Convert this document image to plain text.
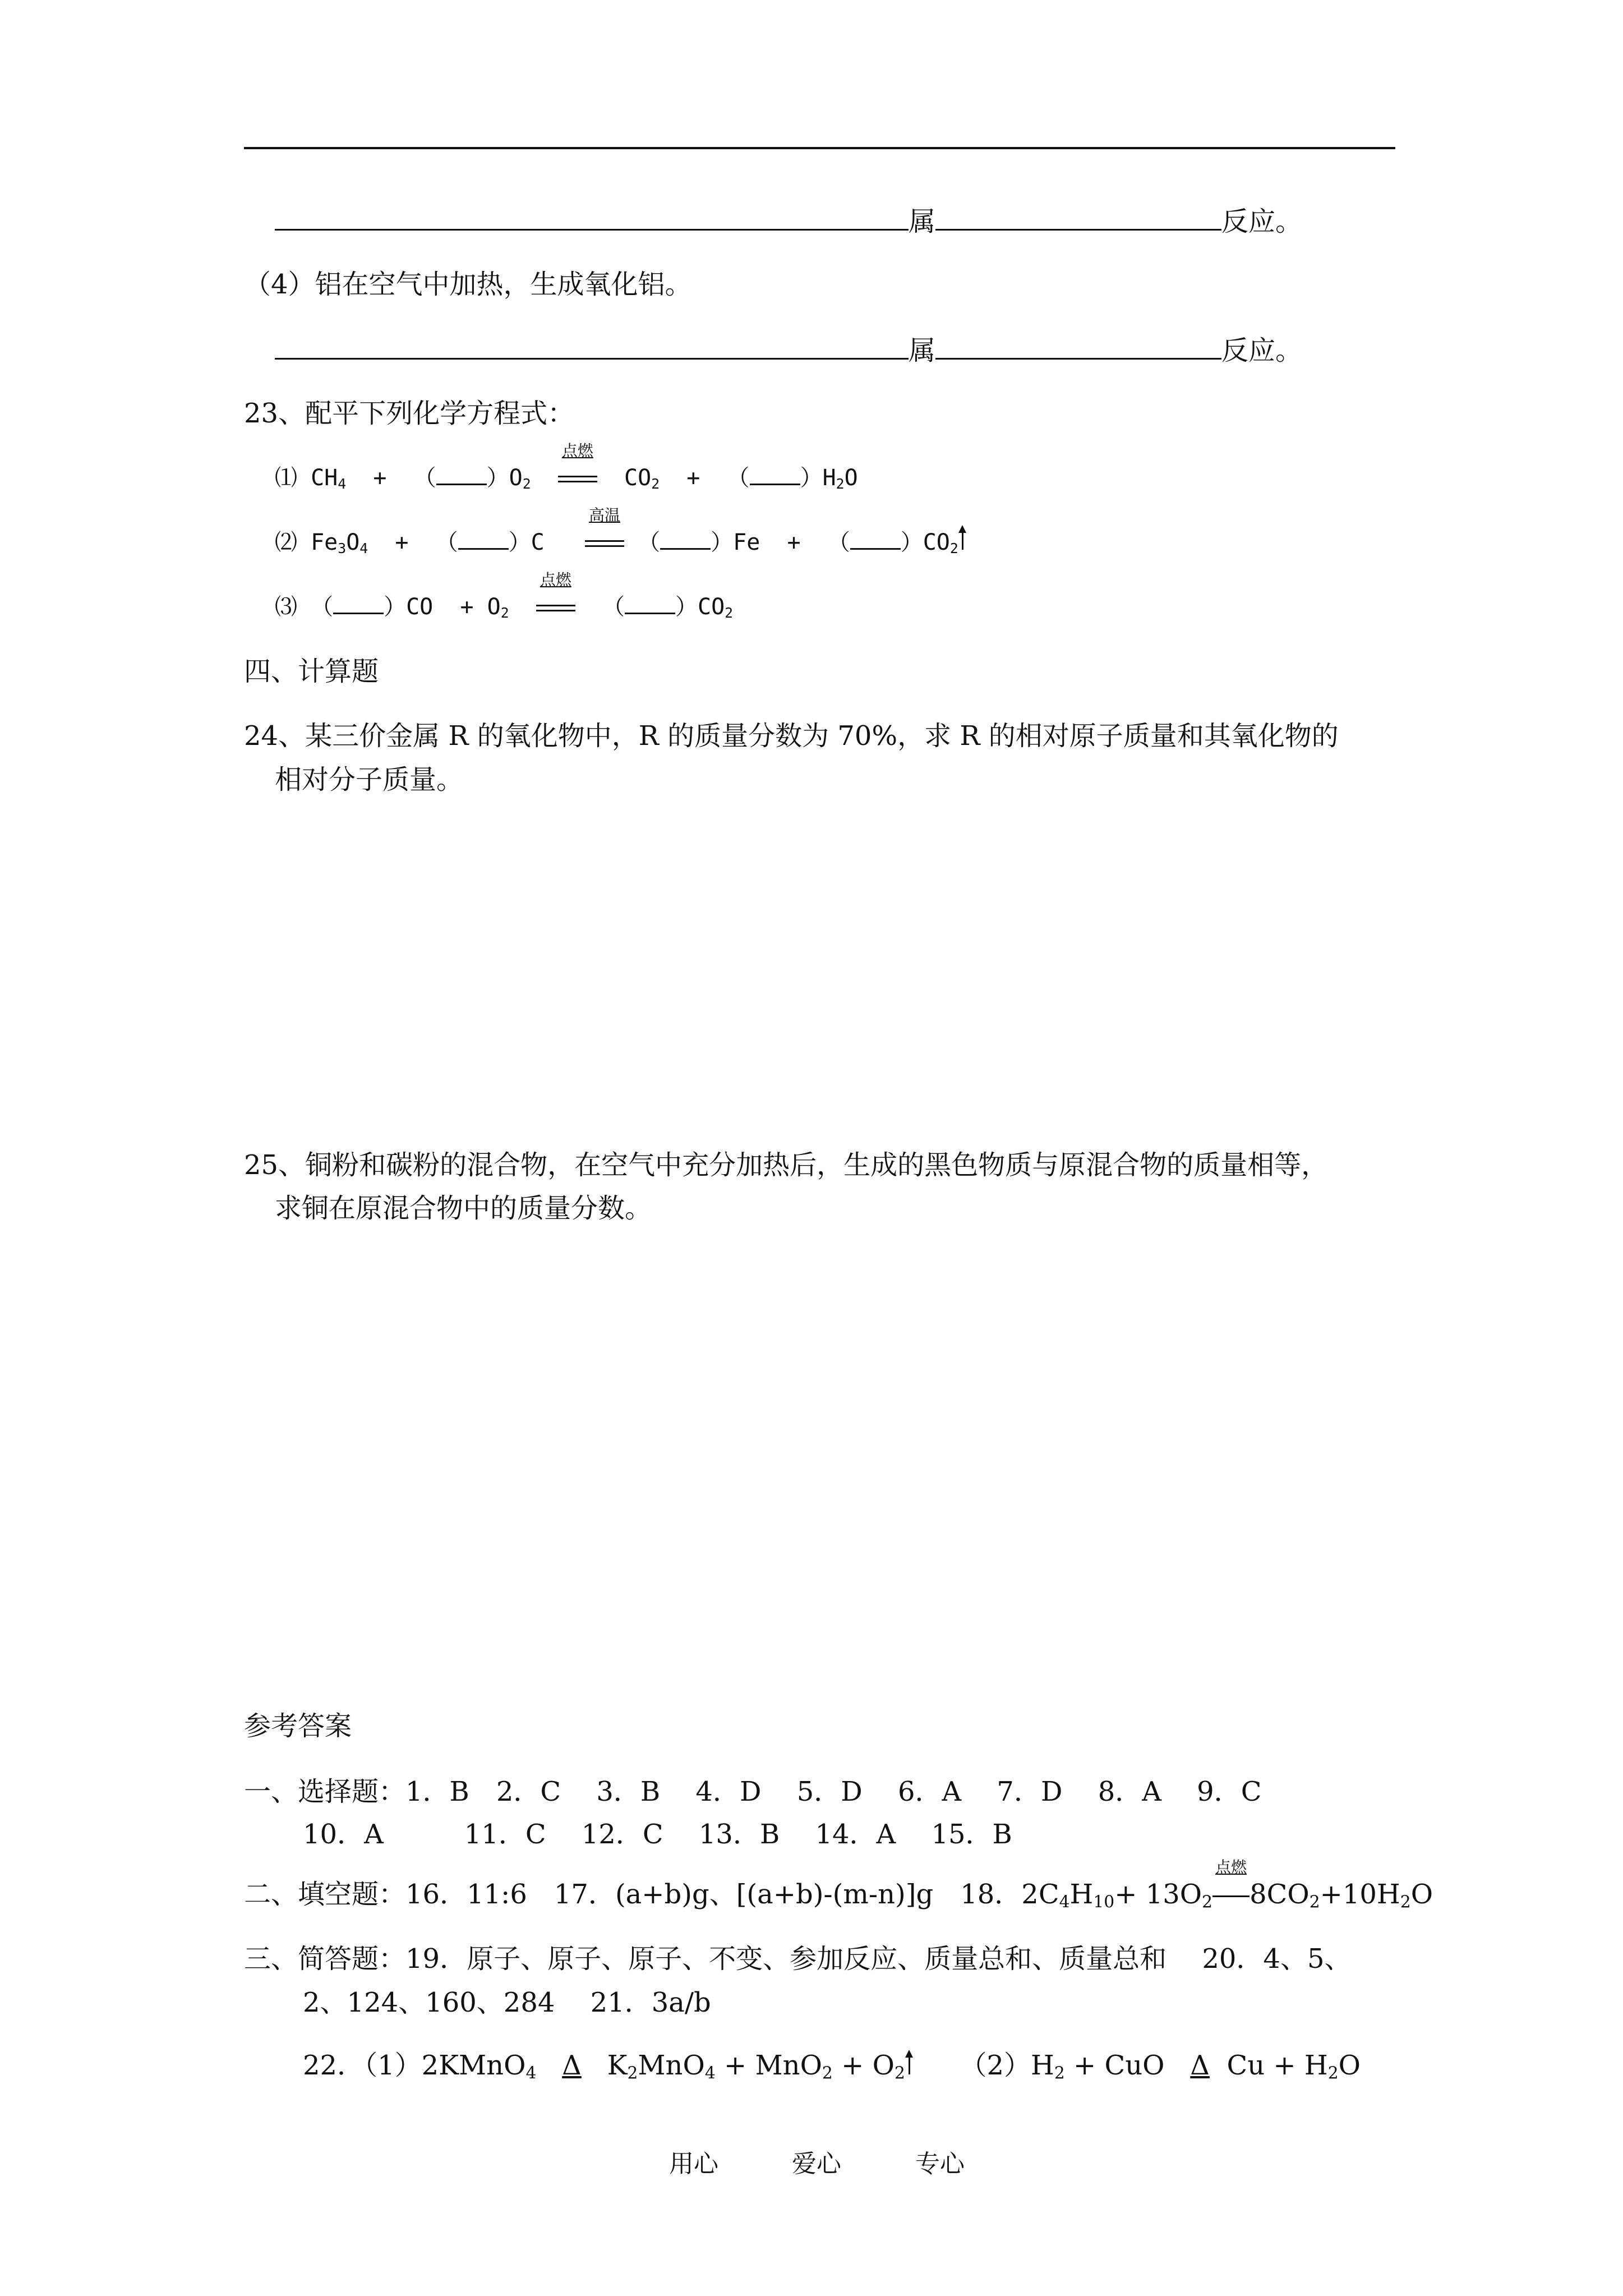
属	反应。
（4）铝在空气中加热，生成氧化铝。
属	反应。
23、配平下列化学方程式：
⑴ $CH_4$ +  （ ）$O_2$
点燃
$CO_2$ +  （ ）$H_2O$
⑵ $Fe_3O_4$ +  （ ）C
高温
（ ）Fe +  （ ）$CO_2$
⑶ （ ）$CO + O_2$
点燃
（ ）$CO_2$
四、计算题
24、某三价金属 R 的氧化物中，R 的质量分数为 70%，求 R 的相对原子质量和其氧化物的
相对分子质量。
25、铜粉和碳粉的混合物，在空气中充分加热后，生成的黑色物质与原混合物的质量相等，
求铜在原混合物中的质量分数。
参考答案
一、选择题：1．B　2．C　 3．B　 4．D　 5．D　 6．A　 7．D　 8．A　 9．C
10．A　　　11．C　 12．C　 13．B　 14．A　 15．B
二、填空题：16．11:6　17．(a+b)g、[(a+b)-(m-n)]g　18．$2C_4H_{10}+ 13O_2$
点燃
$8CO_2+10H_2O$
三、简答题：19．原子、原子、原子、不变、参加反应、质量总和、质量总和　 20．4、5、
2、124、160、284　 21．3a/b
22．（1）2KMnO$_4$ Δ $K_2MnO_4 + MnO_2 + O_2$ $(2)H_2$ + CuO Δ $Cu + H_2O$
用心	爱心	专心
